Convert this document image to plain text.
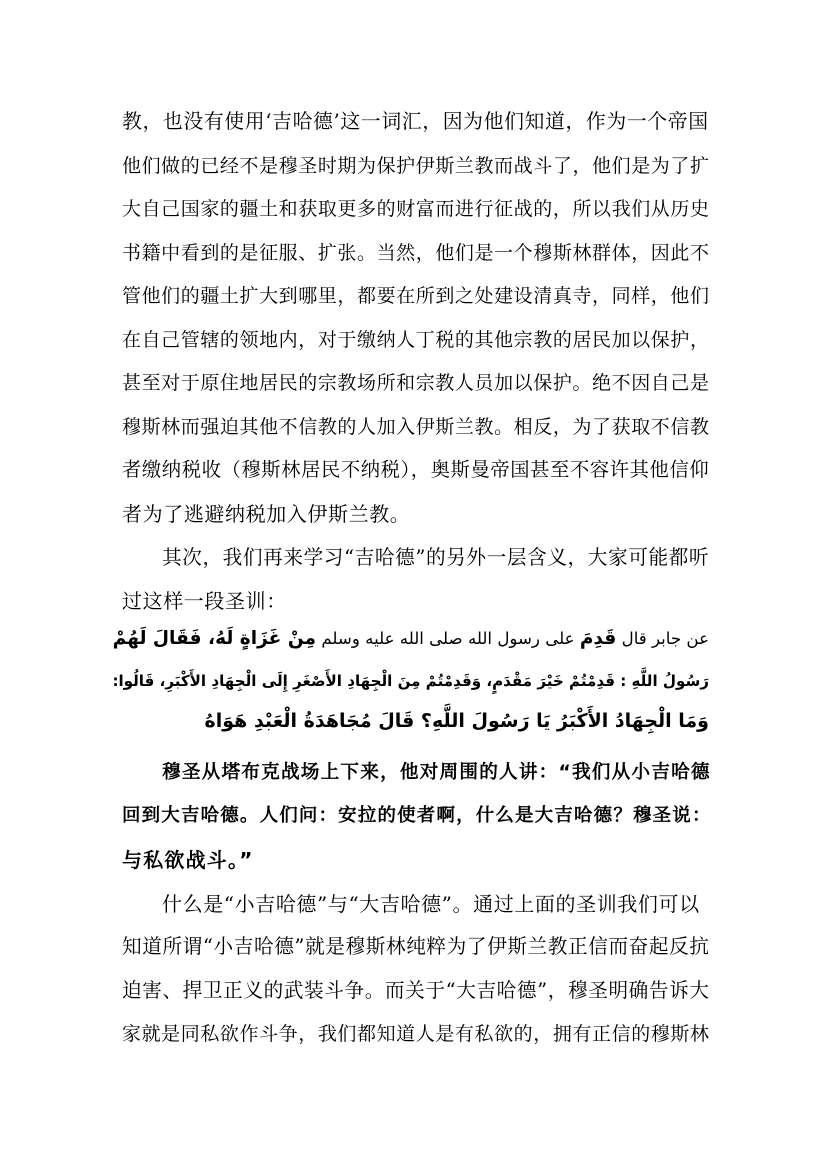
教，也没有使用‘吉哈德’这一词汇，因为他们知道，作为一个帝国
他们做的已经不是穆圣时期为保护伊斯兰教而战斗了，他们是为了扩
大自己国家的疆土和获取更多的财富而进行征战的，所以我们从历史
书籍中看到的是征服、扩张。当然，他们是一个穆斯林群体，因此不
管他们的疆土扩大到哪里，都要在所到之处建设清真寺，同样，他们
在自己管辖的领地内，对于缴纳人丁税的其他宗教的居民加以保护，
甚至对于原住地居民的宗教场所和宗教人员加以保护。绝不因自己是
穆斯林而强迫其他不信教的人加入伊斯兰教。相反，为了获取不信教
者缴纳税收（穆斯林居民不纳税），奥斯曼帝国甚至不容许其他信仰
者为了逃避纳税加入伊斯兰教。
其次，我们再来学习“吉哈德”的另外一层含义，大家可能都听
过这样一段圣训：
عن جابر قال قَدِمَ على رسول الله صلى الله عليه وسلم مِنْ غَزَاةٍ لَهُ، فَقَالَ لَهُمْ
رَسُولُ اللَّهِ : قَدِمْتُمْ خَيْرَ مَقْدَمٍ، وَقَدِمْتُمْ مِنَ الْجِهَادِ الأَصْغَرِ إِلَى الْجِهَادِ الأَكْبَرِ، قَالُوا:
وَمَا الْجِهَادُ الأَكْبَرُ يَا رَسُولَ اللَّهِ؟ قَالَ مُجَاهَدَةُ الْعَبْدِ هَوَاهُ
穆圣从塔布克战场上下来，他对周围的人讲：“我们从小吉哈德
回到大吉哈德。人们问：安拉的使者啊，什么是大吉哈德？穆圣说：
与私欲战斗。”
什么是“小吉哈德”与“大吉哈德”。通过上面的圣训我们可以
知道所谓“小吉哈德”就是穆斯林纯粹为了伊斯兰教正信而奋起反抗
迫害、捍卫正义的武装斗争。而关于“大吉哈德”，穆圣明确告诉大
家就是同私欲作斗争，我们都知道人是有私欲的，拥有正信的穆斯林
